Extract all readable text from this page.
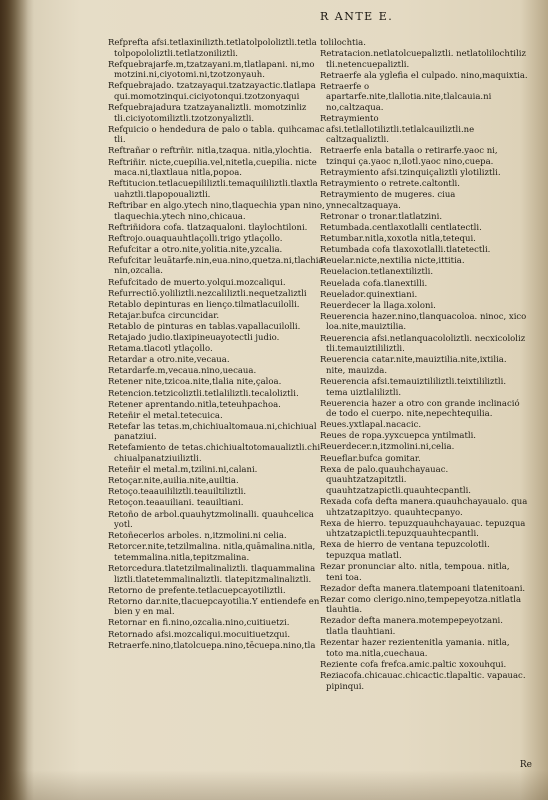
R ANTE E.
Refprefta afsi.tetlaxinilizth.tetlatolpololiztli.tetla tolpopololiztli.tetlatzoniliztli.
Refquebrajarfe.m,tzatzayani.m,tlatlapani. ni,mo motzini.ni,ciyotomi.ni,tzotzonyauh.
Refquebrajado. tzatzayaqui.tzatzayactic.tlatlapa qui.momotzinqui.ciciyotonqui.tzotzonyaqui
Refquebrajadura tzatzayanaliztli. momotzinliz tli.ciciyotomiliztli.tzotzonyaliztli.
Refquicio o hendedura de palo o tabla. quihcamac tli.
Reftrañar o reftrñir. nitla,tzaqua. nitla,ylochtia.
Reftriñir. nicte,cuepilia.vel,nitetla,cuepilia. nicte maca.ni,tlaxtlaua nitla,popoa.
Reftitucion.tetlacuepililiztli.temaquililiztli.tlaxtla uahztli.tlapopoualiztli.
Reftribar en algo.ytech nino,tlaquechia ypan nino, tlaquechia.ytech nino,chicaua.
Reftriñidora cofa. tlatzaqualoni. tlaylochtiloni.
Reftrojo.ouaquauhtlaçolli.trigo ytlaçollo.
Refufcitar a otro.nite,yolitia.nite,yzcalia.
Refufcitar leuātarfe.nin,eua.nino,quetza.ni,tlachia nin,ozcalia.
Refufcitado de muerto.yolqui.mozcaliqui.
Refurrectiō.yoliliztli.nezcaliliztli.nequetzaliztli
Retablo depinturas en lienço.tilmatlacuilolli.
Retajar.bufca circuncidar.
Retablo de pinturas en tablas.vapallacuilolli.
Retajado judio.tlaxipineuayotectli judio.
Retama.tlacotl ytlaçollo.
Retardar a otro.nite,vecaua.
Retardarfe.m,vecaua.nino,uecaua.
Retener nite,tzicoa.nite,tlalia nite,çaloa.
Retencion.tetzicoliztli.tetlaliliztli.tecaloliztli.
Retener aprentando.nitla,teteuhpachoa.
Reteñir el metal.tetecuica.
Retefar las tetas.m,chichiualtomaua.ni,chichiual panatziui.
Retefamiento de tetas.chichiualtotomaualiztli.chi chiualpanatziuiliztli.
Reteñir el metal.m,tzilini.ni,calani.
Retoçar.nite,auilia.nite,auiltia.
Retoço.teaauililiztli.teauiltiliztli.
Retoçon.teaauiliani. teauiltiani.
Retoño de arbol.quauhytzmolinalli. quauhcelica yotl.
Retoñecerlos arboles. n,itzmolini.ni celia.
Retorcer.nite,tetzilmalina. nitla,quāmalina.nitla, tetemmalina.nitla,tepitzmalina.
Retorcedura.tlatetzilmalinaliztli. tlaquammalina liztli.tlatetemmalinaliztli. tlatepitzmalinaliztli.
Retorno de prefente.tetlacuepcayotiliztli.
Retorno dar.nite,tlacuepcayotilia.Y entiendefe en bien y en mal.
Retornar en fi.nino,ozcalia.nino,cuitiuetzi.
Retornado afsi.mozcaliqui.mocuitiuetzqui.
Retraerfe.nino,tlatolcuepa.nino,tēcuepa.nino,tla
tolilochtia.
Retratacion.netlatolcuepaliztli. netlatolilochtiliz tli.netencuepaliztli.
Retraerfe ala yglefia el culpado. nino,maquixtia.
Retraerfe o apartarfe.nite,tlallotia.nite,tlalcauia.ni no,caltzaqua.
Retraymiento afsi.tetlallotiliztli.tetlalcauiliztli.ne caltzaqualiztli.
Retraerfe enla batalla o retirarfe.yaoc ni, tzinqui ça.yaoc n,ilotl.yaoc nino,cuepa.
Retraymiento afsi.tzinquiçaliztli ylotiliztli.
Retraymiento o retrete.caltontli.
Retraymiento de mugeres. ciua ynnecaltzaquaya.
Retronar o tronar.tlatlatzini.
Retumbada.centlaxotlalli centlatectli.
Retumbar.nitla,xoxotla nitla,tetequi.
Retumbada cofa tlaxoxotlalli.tlatetectli.
Reuelar.nicte,nextilia nicte,ittitia.
Reuelacion.tetlanextiliztli.
Reuelada cofa.tlanextilli.
Reuelador.quinextiani.
Reuerdecer la llaga.xoloni.
Reuerencia hazer.nino,tlanquacoloa. ninoc, xico loa.nite,mauiztilia.
Reuerencia afsi.netlanquacololiztli. necxicololiz tli.temauiztililiztli.
Reuerencia catar.nite,mauiztilia.nite,ixtilia. nite, mauizda.
Reuerencia afsi.temauiztililiztli.teixtililiztli. tema uiztlaliliztli.
Reuerencia hazer a otro con grande inclinació de todo el cuerpo. nite,nepechtequilia.
Reues.yxtlapal.nacacic.
Reues de ropa.yyxcuepca yntilmatli.
Reuerdecer.n,itzmolini.ni,celia.
Reueflar.bufca gomitar.
Rexa de palo.quauhchayauac. quauhtzatzapitztli. quauhtzatzapictli.quauhtecpantli.
Rexada cofa defta manera.quauhchayaualo. qua uhtzatzapitzyo. quauhtecpanyo.
Rexa de hierro. tepuzquauhchayauac. tepuzqua uhtzatzapictli.tepuzquauhtecpantli.
Rexa de hierro de ventana tepuzcolotli. tepuzqua matlatl.
Rezar pronunciar alto. nitla, tempoua. nitla, teni toa.
Rezador defta manera.tlatempoani tlatenitoani.
Rezar como clerigo.nino,tempepeyotza.nitlatla tlauhtia.
Rezador defta manera.motempepeyotzani. tlatla tlauhtiani.
Rezentar hazer rezientenitla yamania. nitla, toto ma.nitla,cuechaua.
Reziente cofa frefca.amic.paltic xoxouhqui.
Reziacofa.chicauac.chicactic.tlapaltic. vapauac. pipinqui.
Re
